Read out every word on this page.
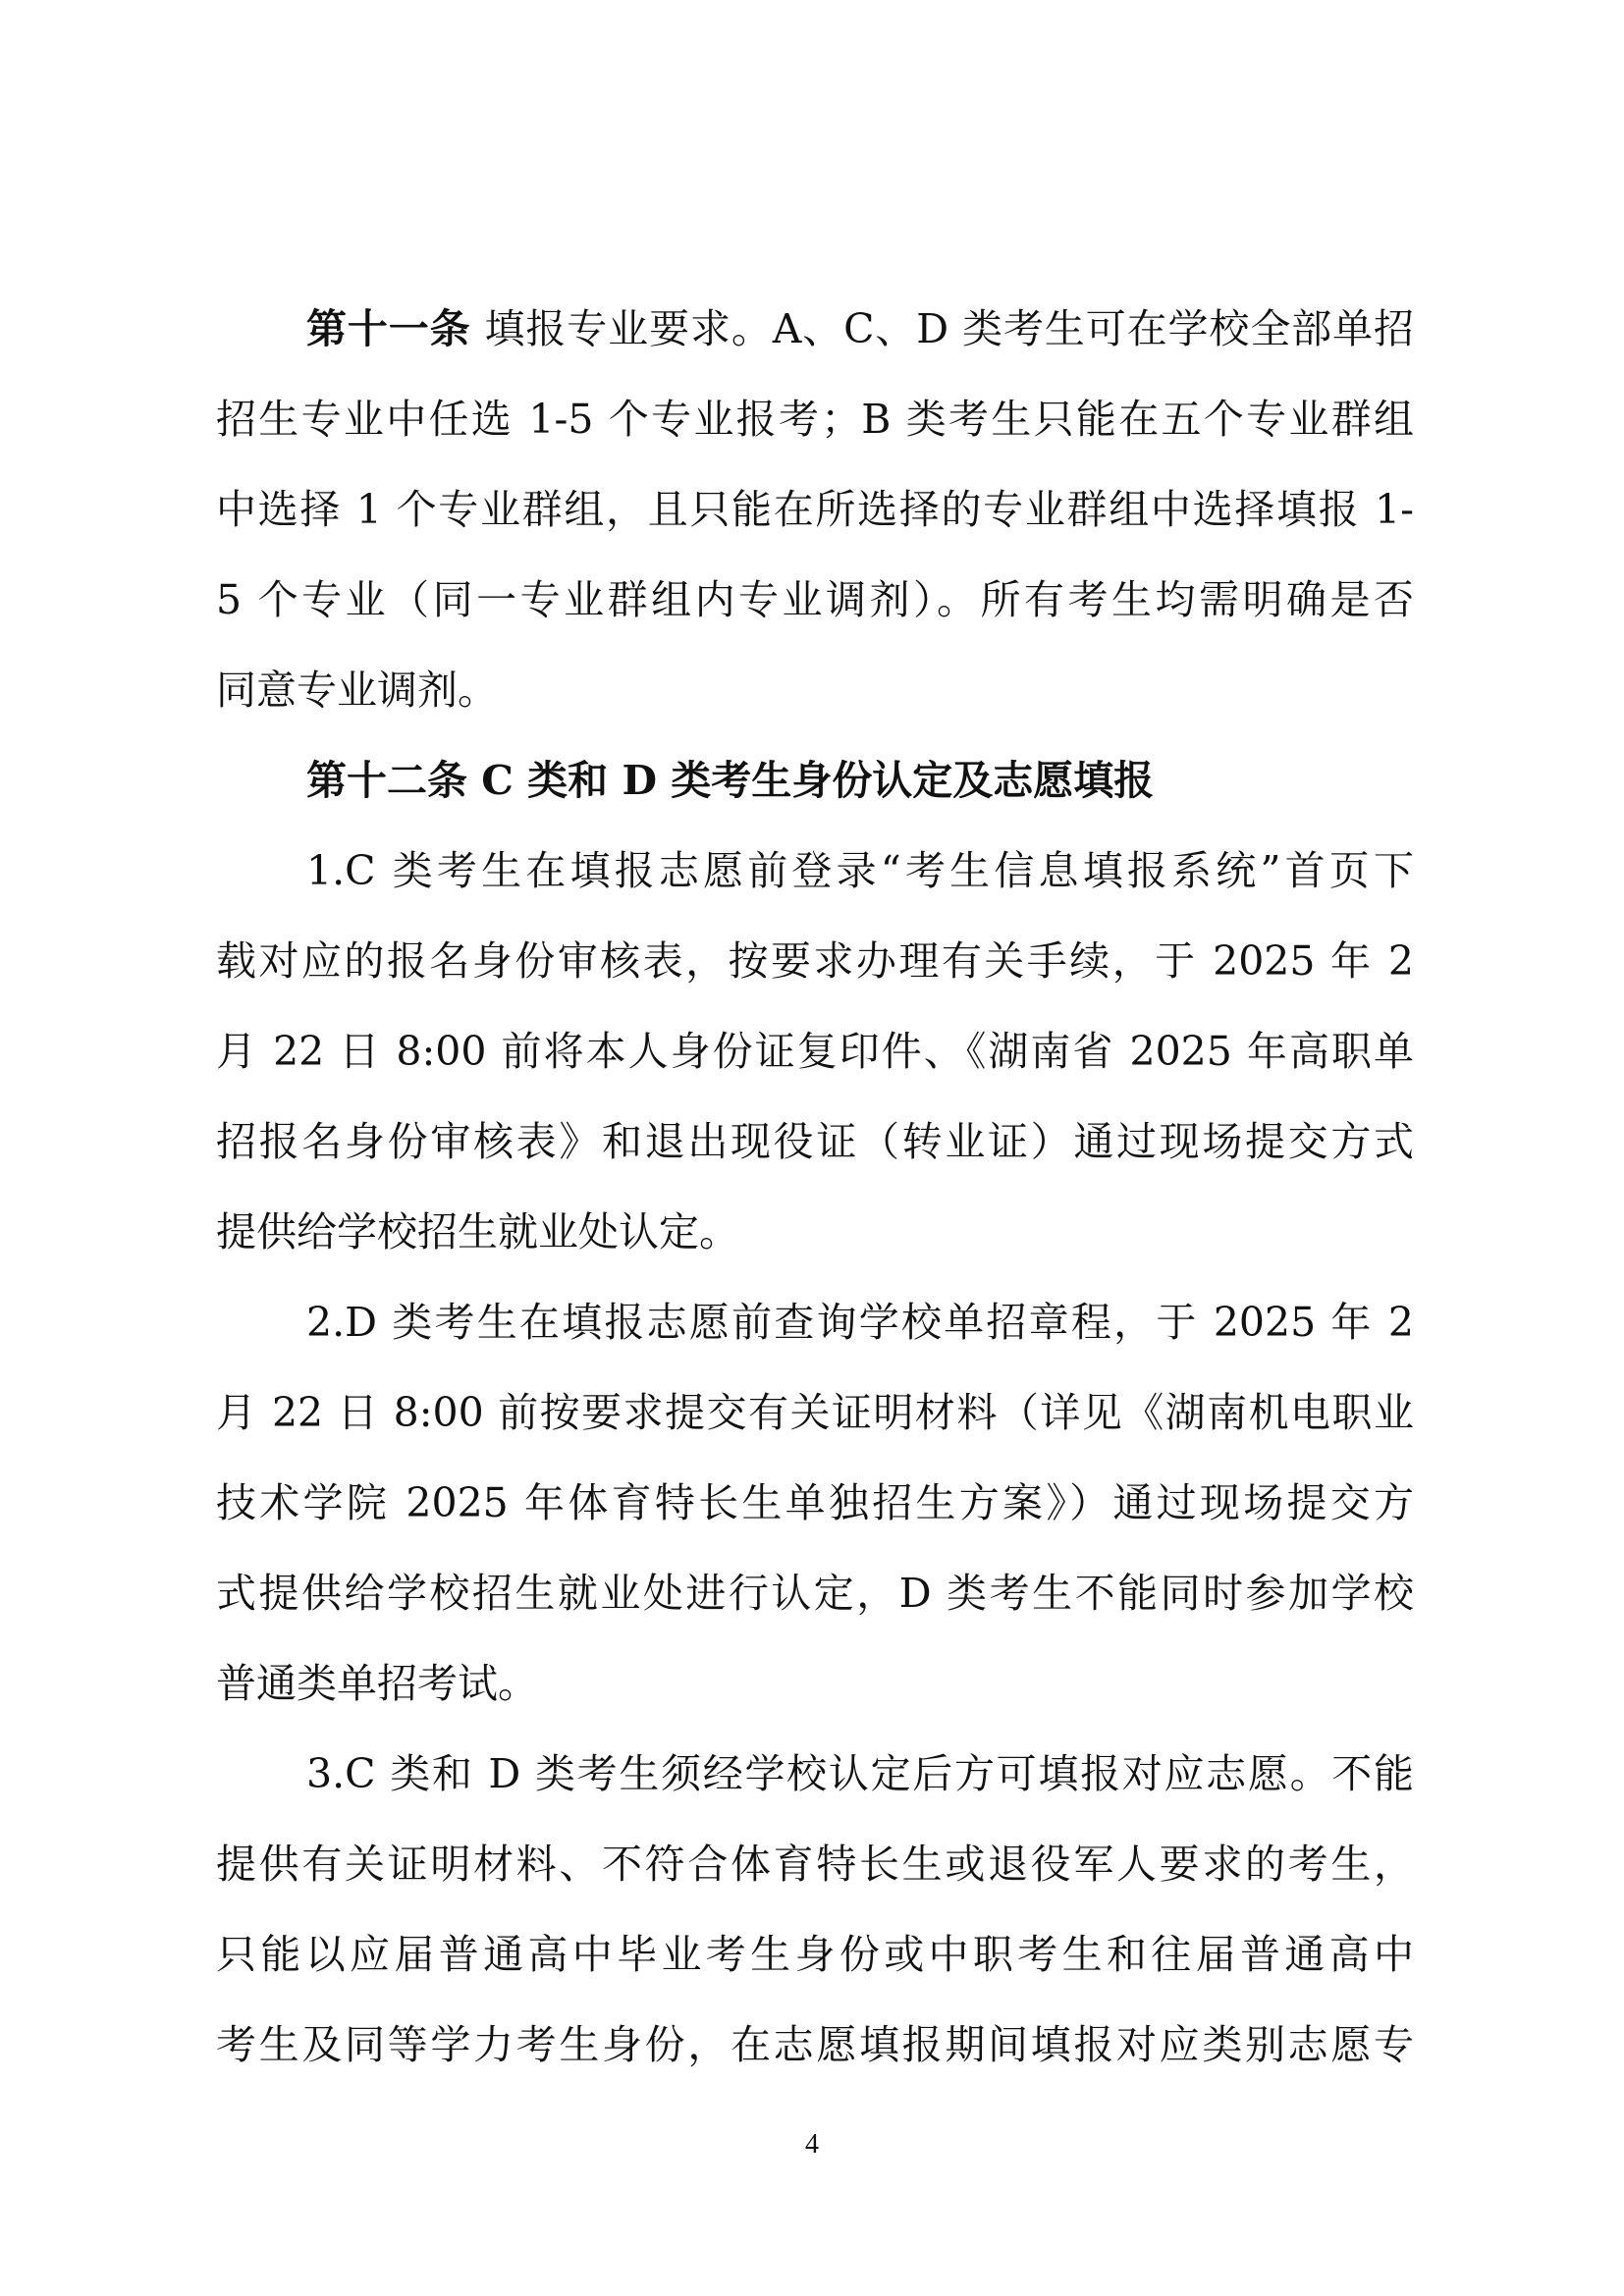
第十一条 填报专业要求。A、C、D 类考生可在学校全部单招
招生专业中任选 1-5 个专业报考；B 类考生只能在五个专业群组
中选择 1 个专业群组，且只能在所选择的专业群组中选择填报 1-
5 个专业（同一专业群组内专业调剂）。所有考生均需明确是否
同意专业调剂。
第十二条 C 类和 D 类考生身份认定及志愿填报
1.C 类考生在填报志愿前登录“考生信息填报系统”首页下
载对应的报名身份审核表，按要求办理有关手续，于 2025 年 2
月 22 日 8:00 前将本人身份证复印件、《湖南省 2025 年高职单
招报名身份审核表》和退出现役证（转业证）通过现场提交方式
提供给学校招生就业处认定。
2.D 类考生在填报志愿前查询学校单招章程，于 2025 年 2
月 22 日 8:00 前按要求提交有关证明材料（详见《湖南机电职业
技术学院 2025 年体育特长生单独招生方案》）通过现场提交方
式提供给学校招生就业处进行认定，D 类考生不能同时参加学校
普通类单招考试。
3.C 类和 D 类考生须经学校认定后方可填报对应志愿。不能
提供有关证明材料、不符合体育特长生或退役军人要求的考生，
只能以应届普通高中毕业考生身份或中职考生和往届普通高中
考生及同等学力考生身份，在志愿填报期间填报对应类别志愿专
4
